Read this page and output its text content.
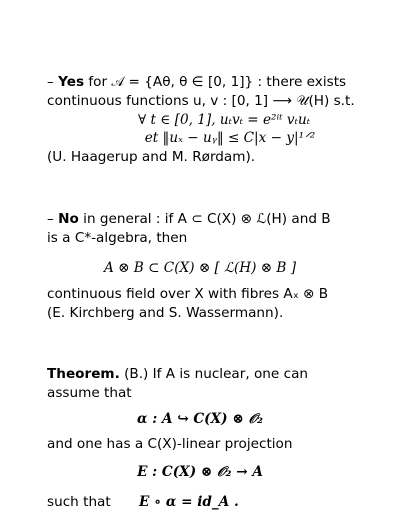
– Yes for 𝒜 = {Aθ, θ ∈ [0, 1]} : there exists
continuous functions u, v : [0, 1] ⟶ 𝒰(H) s.t.
∀ t ∈ [0, 1], uₜvₜ = e²ⁱᵗ vₜuₜ
et ‖uₓ − uᵧ‖ ≤ C|x − y|¹ᐟ²
(U. Haagerup and M. Rørdam).
– No in general : if A ⊂ C(X) ⊗ ℒ(H) and B
is a C*-algebra, then
A ⊗ B ⊂ C(X) ⊗ [ ℒ(H) ⊗ B ]
continuous field over X with fibres Aₓ ⊗ B
(E. Kirchberg and S. Wassermann).
Theorem. (B.) If A is nuclear, one can
assume that
α : A ↪ C(X) ⊗ 𝒪₂
and one has a C(X)-linear projection
E : C(X) ⊗ 𝒪₂ → A
such that E ∘ α = id_A .
